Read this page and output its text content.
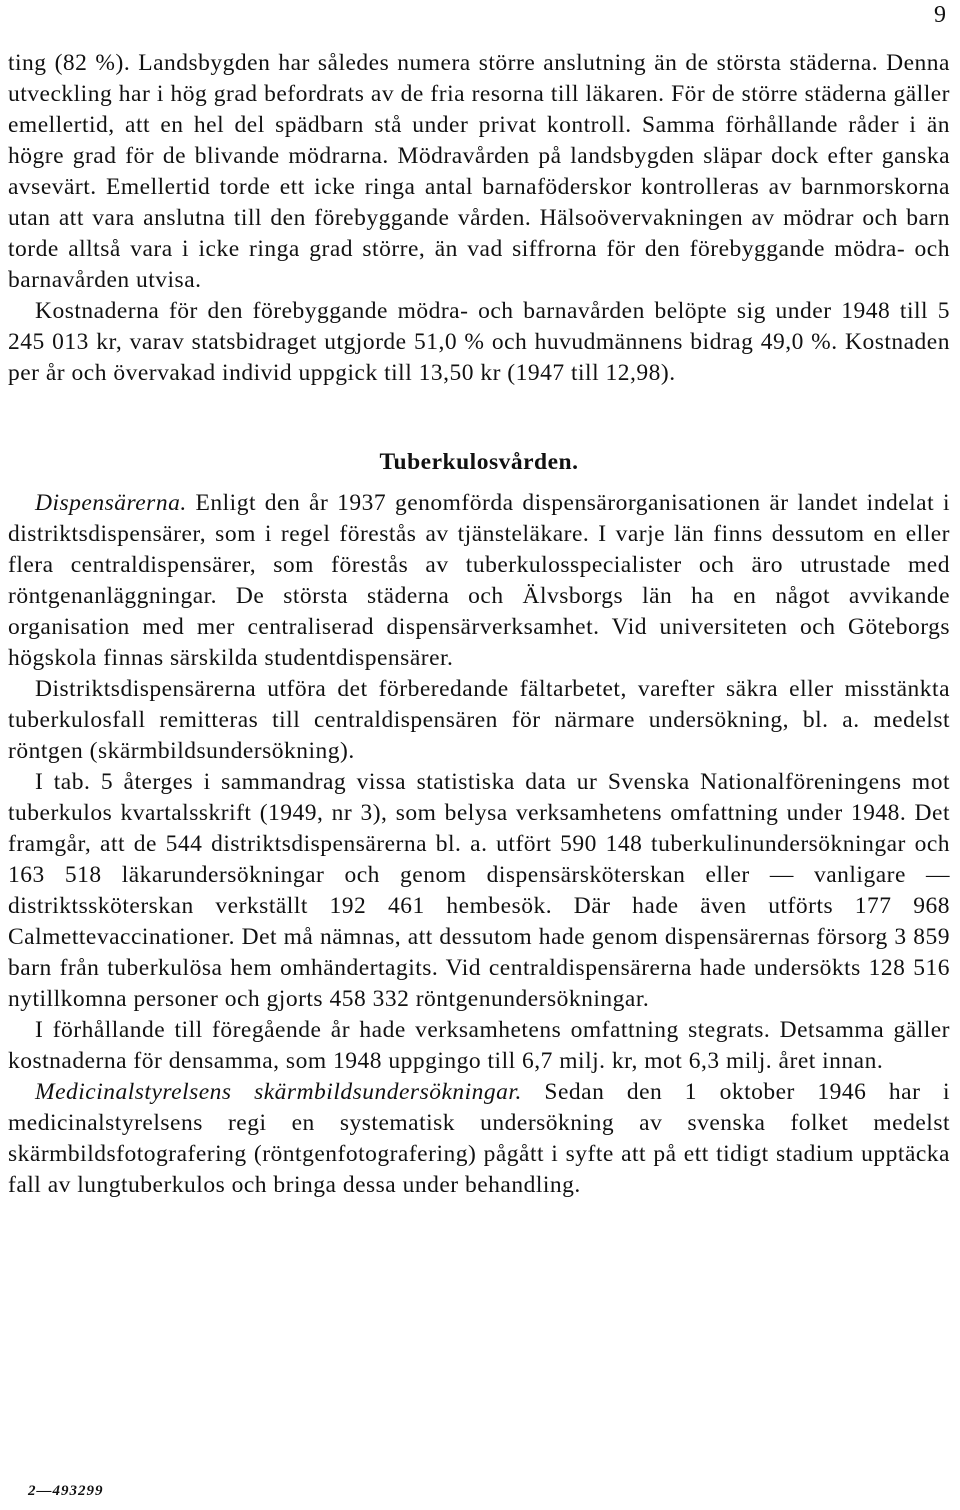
9

ting (82 %). Landsbygden har således numera större anslutning än de största städerna. Denna utveckling har i hög grad befordrats av de fria resorna till läkaren. För de större städerna gäller emellertid, att en hel del spädbarn stå under privat kontroll. Samma förhållande råder i än högre grad för de blivande mödrarna. Mödravården på landsbygden släpar dock efter ganska avsevärt. Emellertid torde ett icke ringa antal barnaföderskor kontrolleras av barnmorskorna utan att vara anslutna till den förebyggande vården. Hälsoövervakningen av mödrar och barn torde alltså vara i icke ringa grad större, än vad siffrorna för den förebyggande mödra- och barnavården utvisa.

Kostnaderna för den förebyggande mödra- och barnavården belöpte sig under 1948 till 5 245 013 kr, varav statsbidraget utgjorde 51,0 % och huvudmännens bidrag 49,0 %. Kostnaden per år och övervakad individ uppgick till 13,50 kr (1947 till 12,98).

Tuberkulosvården.

Dispensärerna. Enligt den år 1937 genomförda dispensärorganisationen är landet indelat i distriktsdispensärer, som i regel förestås av tjänsteläkare. I varje län finns dessutom en eller flera centraldispensärer, som förestås av tuberkulosspecialister och äro utrustade med röntgenanläggningar. De största städerna och Älvsborgs län ha en något avvikande organisation med mer centraliserad dispensärverksamhet. Vid universiteten och Göteborgs högskola finnas särskilda studentdispensärer.

Distriktsdispensärerna utföra det förberedande fältarbetet, varefter säkra eller misstänkta tuberkulosfall remitteras till centraldispensären för närmare undersökning, bl. a. medelst röntgen (skärmbildsundersökning).

I tab. 5 återges i sammandrag vissa statistiska data ur Svenska Nationalföreningens mot tuberkulos kvartalsskrift (1949, nr 3), som belysa verksamhetens omfattning under 1948. Det framgår, att de 544 distriktsdispensärerna bl. a. utfört 590 148 tuberkulinundersökningar och 163 518 läkarundersökningar och genom dispensärsköterskan eller — vanligare — distriktssköterskan verkställt 192 461 hembesök. Där hade även utförts 177 968 Calmettevaccinationer. Det må nämnas, att dessutom hade genom dispensärernas försorg 3 859 barn från tuberkulösa hem omhändertagits. Vid centraldispensärerna hade undersökts 128 516 nytillkomna personer och gjorts 458 332 röntgenundersökningar.

I förhållande till föregående år hade verksamhetens omfattning stegrats. Detsamma gäller kostnaderna för densamma, som 1948 uppgingo till 6,7 milj. kr, mot 6,3 milj. året innan.

Medicinalstyrelsens skärmbildsundersökningar. Sedan den 1 oktober 1946 har i medicinalstyrelsens regi en systematisk undersökning av svenska folket medelst skärmbildsfotografering (röntgenfotografering) pågått i syfte att på ett tidigt stadium upptäcka fall av lungtuberkulos och bringa dessa under behandling.

2—493299
